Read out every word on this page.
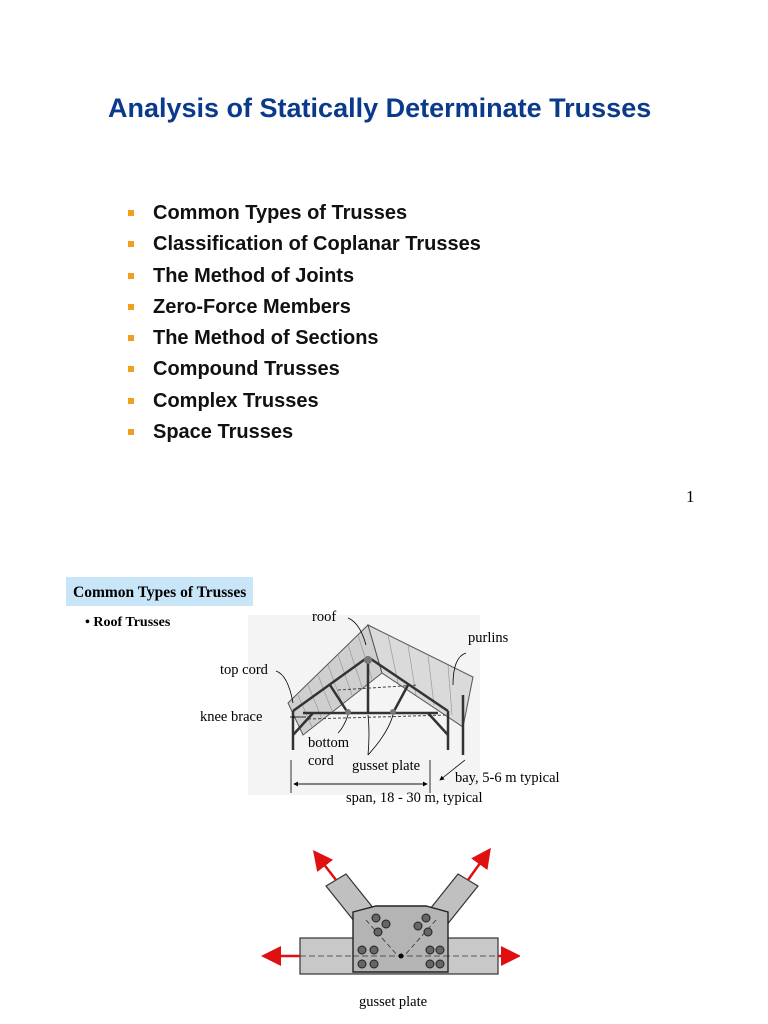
Analysis of Statically Determinate Trusses
Common Types of Trusses
Classification of Coplanar Trusses
The Method of Joints
Zero-Force Members
The Method of Sections
Compound Trusses
Complex Trusses
Space Trusses
1
Common Types of Trusses
• Roof Trusses	roof
purlins
top cord
knee brace
bottom
cord gusset plate
bay, 5-6 m typical
span, 18 - 30 m, typical
gusset plate
